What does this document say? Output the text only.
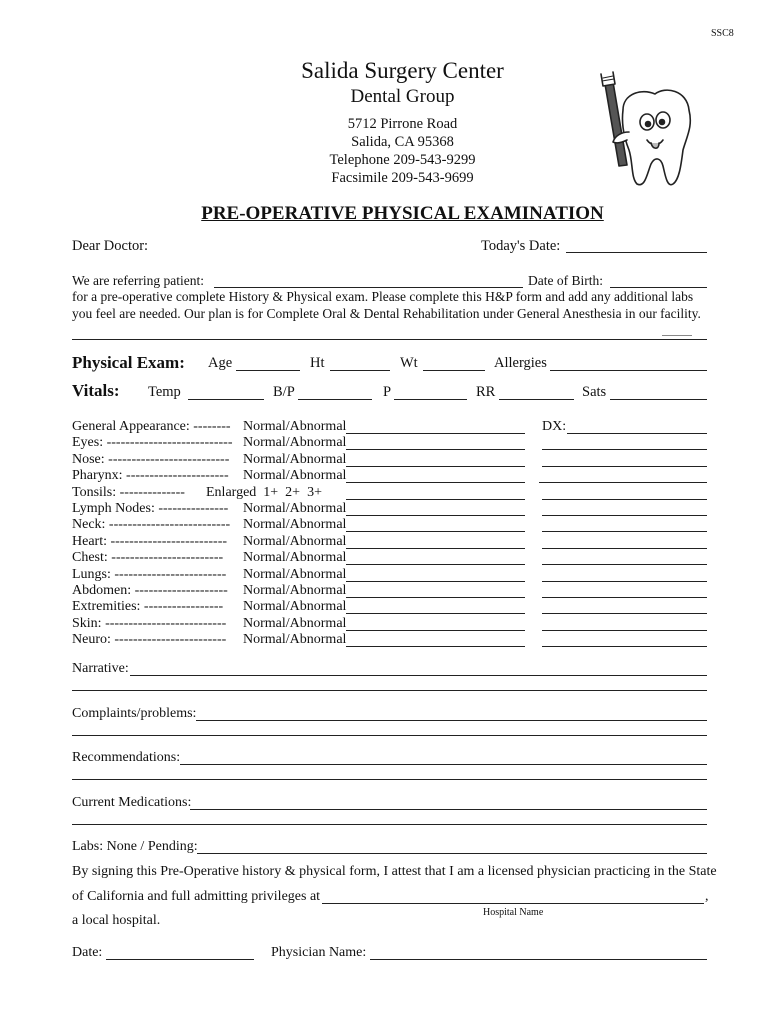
SSC8
Salida Surgery Center
Dental Group
5712 Pirrone Road
Salida, CA 95368
Telephone 209-543-9299
Facsimile 209-543-9699
PRE-OPERATIVE PHYSICAL EXAMINATION
Dear Doctor:	Today's Date:
We are referring patient:	Date of Birth:
for a pre-operative complete History & Physical exam. Please complete this H&P form and add any additional labs
you feel are needed. Our plan is for Complete Oral & Dental Rehabilitation under General Anesthesia in our facility.
Physical Exam: Age	Ht	Wt	Allergies
Vitals: Temp	B/P	P	RR	Sats
DX:
General Appearance: -------- Normal/Abnormal
Eyes: --------------------------- Normal/Abnormal
Nose: -------------------------- Normal/Abnormal
Pharynx: ---------------------- Normal/Abnormal
Tonsils: -------------- Enlarged  1+  2+  3+
Lymph Nodes: --------------- Normal/Abnormal
Neck: -------------------------- Normal/Abnormal
Heart: ------------------------- Normal/Abnormal
Chest: ------------------------ Normal/Abnormal
Lungs: ------------------------ Normal/Abnormal
Abdomen: -------------------- Normal/Abnormal
Extremities: ----------------- Normal/Abnormal
Skin: -------------------------- Normal/Abnormal
Neuro: ------------------------ Normal/Abnormal
Narrative:
Complaints/problems:
Recommendations:
Current Medications:
Labs: None / Pending:
By signing this Pre-Operative history & physical form, I attest that I am a licensed physician practicing in the State
of California and full admitting privileges at	,
Hospital Name
a local hospital.
Date:	Physician Name:
